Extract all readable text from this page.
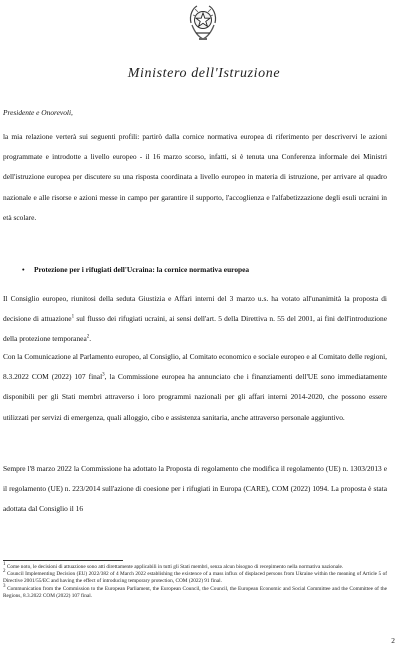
Ministero dell'Istruzione
Presidente e Onorevoli,
la mia relazione verterà sui seguenti profili: partirò dalla cornice normativa europea di riferimento per descrivervi le azioni programmate e introdotte a livello europeo - il 16 marzo scorso, infatti, si è tenuta una Conferenza informale dei Ministri dell'istruzione europea per discutere su una risposta coordinata a livello europeo in materia di istruzione, per arrivare al quadro nazionale e alle risorse e azioni messe in campo per garantire il supporto, l'accoglienza e l'alfabetizzazione degli esuli ucraini in età scolare.
• Protezione per i rifugiati dell'Ucraina: la cornice normativa europea
Il Consiglio europeo, riunitosi della seduta Giustizia e Affari interni del 3 marzo u.s. ha votato all'unanimità la proposta di decisione di attuazione$^1$ sul flusso dei rifugiati ucraini, ai sensi dell'art. 5 della Direttiva n. 55 del 2001, ai fini dell'introduzione della protezione temporanea$^2$.
Con la Comunicazione al Parlamento europeo, al Consiglio, al Comitato economico e sociale europeo e al Comitato delle regioni, 8.3.2022 COM (2022) 107 final$^3$, la Commissione europea ha annunciato che i finanziamenti dell'UE sono immediatamente disponibili per gli Stati membri attraverso i loro programmi nazionali per gli affari interni 2014-2020, che possono essere utilizzati per servizi di emergenza, quali alloggio, cibo e assistenza sanitaria, anche attraverso personale aggiuntivo.
Sempre l'8 marzo 2022 la Commissione ha adottato la Proposta di regolamento che modifica il regolamento (UE) n. 1303/2013 e il regolamento (UE) n. 223/2014 sull'azione di coesione per i rifugiati in Europa (CARE), COM (2022) 1094. La proposta è stata adottata dal Consiglio il 16

$^1$ Come noto, le decisioni di attuazione sono atti direttamente applicabili in tutti gli Stati membri, senza alcun bisogno di recepimento nella normativa nazionale.

$^2$ Council Implementing Decision (EU) 2022/382 of 4 March 2022 establishing the existence of a mass influx of displaced persons from Ukraine within the meaning of Article 5 of Directive 2001/55/EC and having the effect of introducing temporary protection, COM (2022) 91 final.

$^3$ Communication from the Commission to the European Parliament, the European Council, the Council, the European Economic and Social Committee and the Committee of the Regions, 8.3.2022 COM (2022) 107 final.

2
